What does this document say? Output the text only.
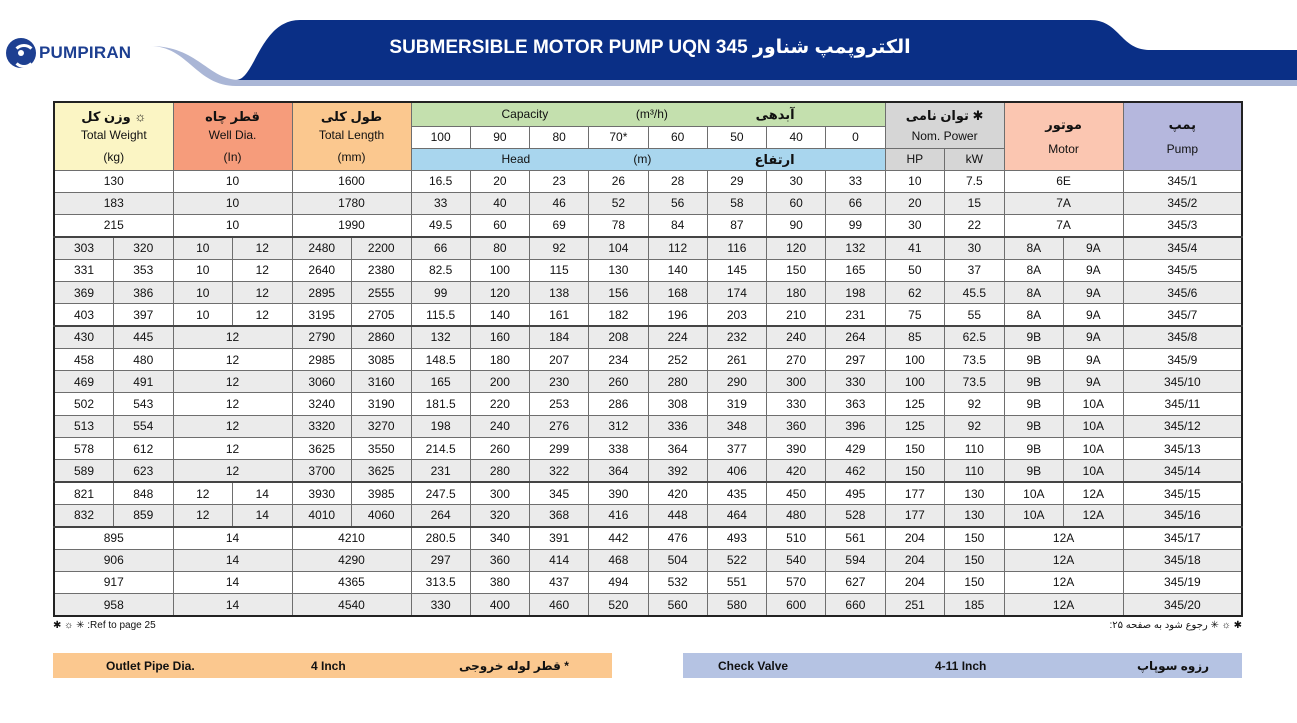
PUMPIRAN	SUBMERSIBLE MOTOR PUMP UQN 345 الکتروپمپ شناور
وزن کل ☼
Total Weight
(kg)		قطر چاه
Well Dia.
(In)		طول کلی
Total Length
(mm)		Capacity (m³/h) آبدهی								توان نامی ✱
Nom. Power		موتور
Motor		پمپ
Pump

						100	90	80	70*	60	50	40	0					

						Head (m) ارتفاع								HP	kW			
130		10		1600		16.5	20	23	26	28	29	30	33	10	7.5	6E		345/1
183		10		1780		33	40	46	52	56	58	60	66	20	15	7A		345/2
215		10		1990		49.5	60	69	78	84	87	90	99	30	22	7A		345/3
303	320	10	12	2480	2200	66	80	92	104	112	116	120	132	41	30	8A	9A	345/4
331	353	10	12	2640	2380	82.5	100	115	130	140	145	150	165	50	37	8A	9A	345/5
369	386	10	12	2895	2555	99	120	138	156	168	174	180	198	62	45.5	8A	9A	345/6
403	397	10	12	3195	2705	115.5	140	161	182	196	203	210	231	75	55	8A	9A	345/7
430	445	12		2790	2860	132	160	184	208	224	232	240	264	85	62.5	9B	9A	345/8
458	480	12		2985	3085	148.5	180	207	234	252	261	270	297	100	73.5	9B	9A	345/9
469	491	12		3060	3160	165	200	230	260	280	290	300	330	100	73.5	9B	9A	345/10
502	543	12		3240	3190	181.5	220	253	286	308	319	330	363	125	92	9B	10A	345/11
513	554	12		3320	3270	198	240	276	312	336	348	360	396	125	92	9B	10A	345/12
578	612	12		3625	3550	214.5	260	299	338	364	377	390	429	150	110	9B	10A	345/13
589	623	12		3700	3625	231	280	322	364	392	406	420	462	150	110	9B	10A	345/14
821	848	12	14	3930	3985	247.5	300	345	390	420	435	450	495	177	130	10A	12A	345/15
832	859	12	14	4010	4060	264	320	368	416	448	464	480	528	177	130	10A	12A	345/16
895		14		4210		280.5	340	391	442	476	493	510	561	204	150	12A		345/17
906		14		4290		297	360	414	468	504	522	540	594	204	150	12A		345/18
917		14		4365		313.5	380	437	494	532	551	570	627	204	150	12A		345/19
958		14		4540		330	400	460	520	560	580	600	660	251	185	12A		345/20
✱ ☼ ✳ :Ref to page 25	:رجوع شود به صفحه ۲۵ ✳ ☼ ✱
Outlet Pipe Dia.	4 Inch	قطر لوله خروجی *	Check Valve	4-11 Inch	رزوه سوپاپ
